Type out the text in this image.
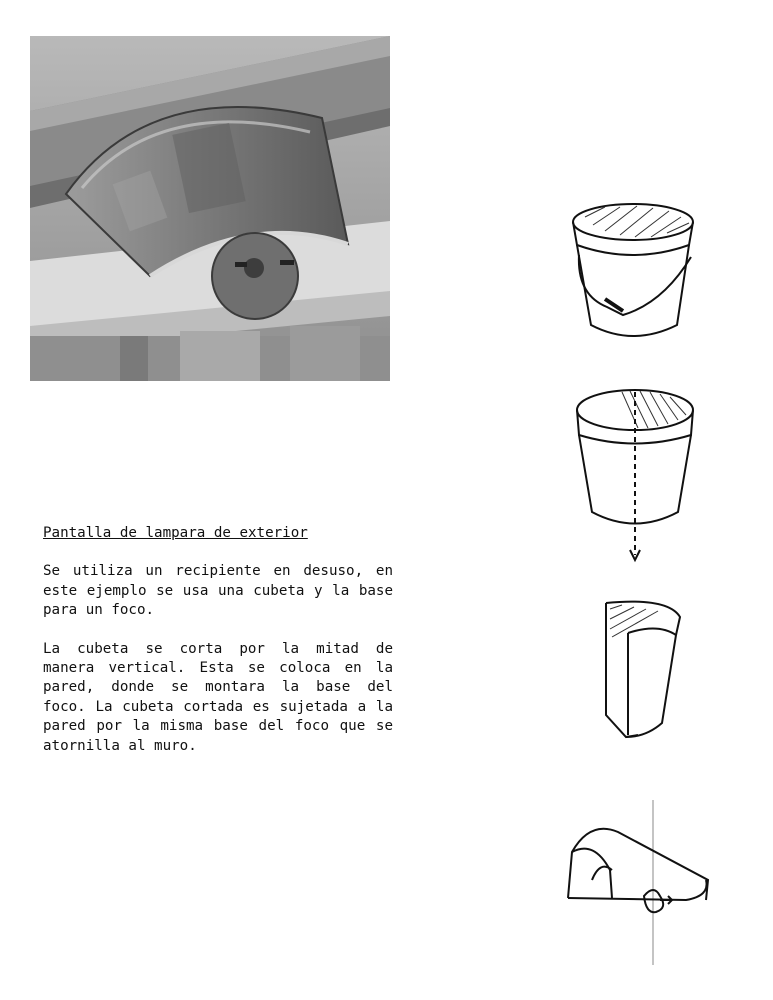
Pantalla de lampara de exterior

Se utiliza un recipiente en desuso, en este ejemplo se usa una cubeta y la base para un foco.

La cubeta se corta por la mitad de manera vertical. Esta se coloca en la pared, donde se montara la base del foco. La cubeta cortada es sujetada a la pared por la misma base del foco que se atornilla al muro.
